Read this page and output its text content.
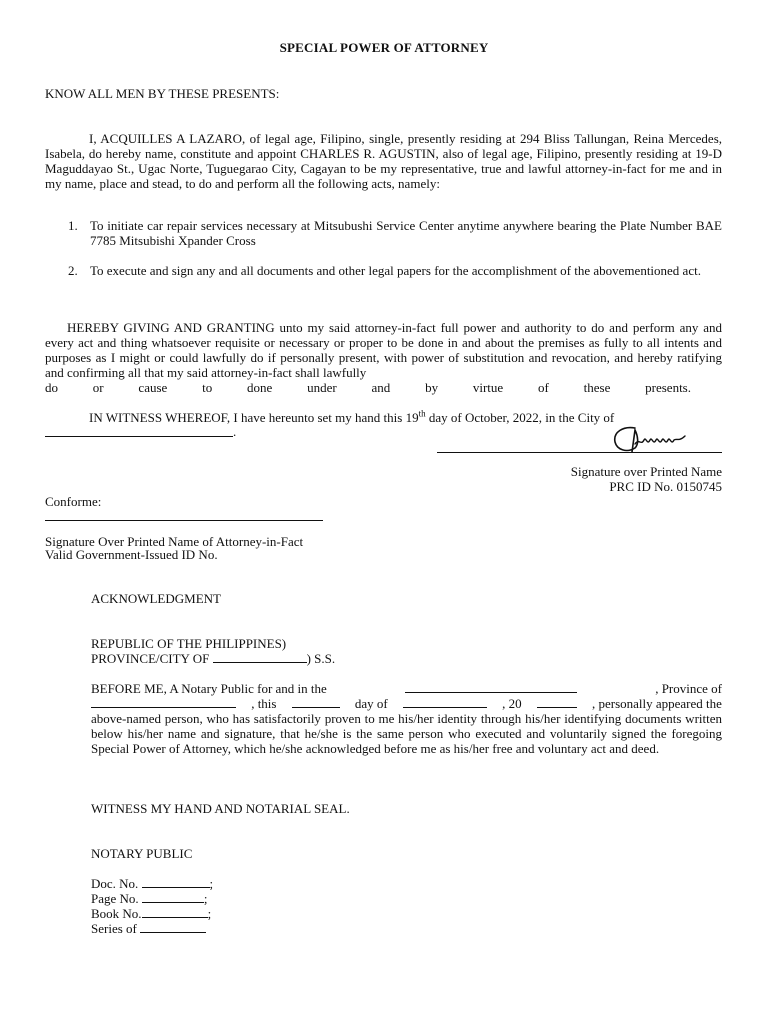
SPECIAL POWER OF ATTORNEY
KNOW ALL MEN BY THESE PRESENTS:
I, ACQUILLES A LAZARO, of legal age, Filipino, single, presently residing at 294 Bliss Tallungan, Reina Mercedes, Isabela, do hereby name, constitute and appoint CHARLES R. AGUSTIN, also of legal age, Filipino, presently residing at 19-D Maguddayao St., Ugac Norte, Tuguegarao City, Cagayan to be my representative, true and lawful attorney-in-fact for me and in my name, place and stead, to do and perform all the following acts, namely:
1. To initiate car repair services necessary at Mitsubushi Service Center anytime anywhere bearing the Plate Number BAE 7785 Mitsubishi Xpander Cross
2. To execute and sign any and all documents and other legal papers for the accomplishment of the abovementioned act.
HEREBY GIVING AND GRANTING unto my said attorney-in-fact full power and authority to do and perform any and every act and thing whatsoever requisite or necessary or proper to be done in and about the premises as fully to all intents and purposes as I might or could lawfully do if personally present, with power of substitution and revocation, and hereby ratifying and confirming all that my said attorney-in-fact shall lawfully
do or cause to done under and by virtue of these presents.
IN WITNESS WHEREOF, I have hereunto set my hand this 19th day of October, 2022, in the City of
.
Signature over Printed Name
PRC ID No. 0150745
Conforme:
Signature Over Printed Name of Attorney-in-Fact
Valid Government-Issued ID No.
ACKNOWLEDGMENT
REPUBLIC OF THE PHILIPPINES)
PROVINCE/CITY OF	) S.S.
BEFORE ME, A Notary Public for and in the	, Province of
, this	day of	, 20	, personally appeared the
above-named person, who has satisfactorily proven to me his/her identity through his/her identifying documents written below his/her name and signature, that he/she is the same person who executed and voluntarily signed the foregoing Special Power of Attorney, which he/she acknowledged before me as his/her free and voluntary act and deed.
WITNESS MY HAND AND NOTARIAL SEAL.
NOTARY PUBLIC
Doc. No.	;
Page No.	;
Book No.	;
Series of
